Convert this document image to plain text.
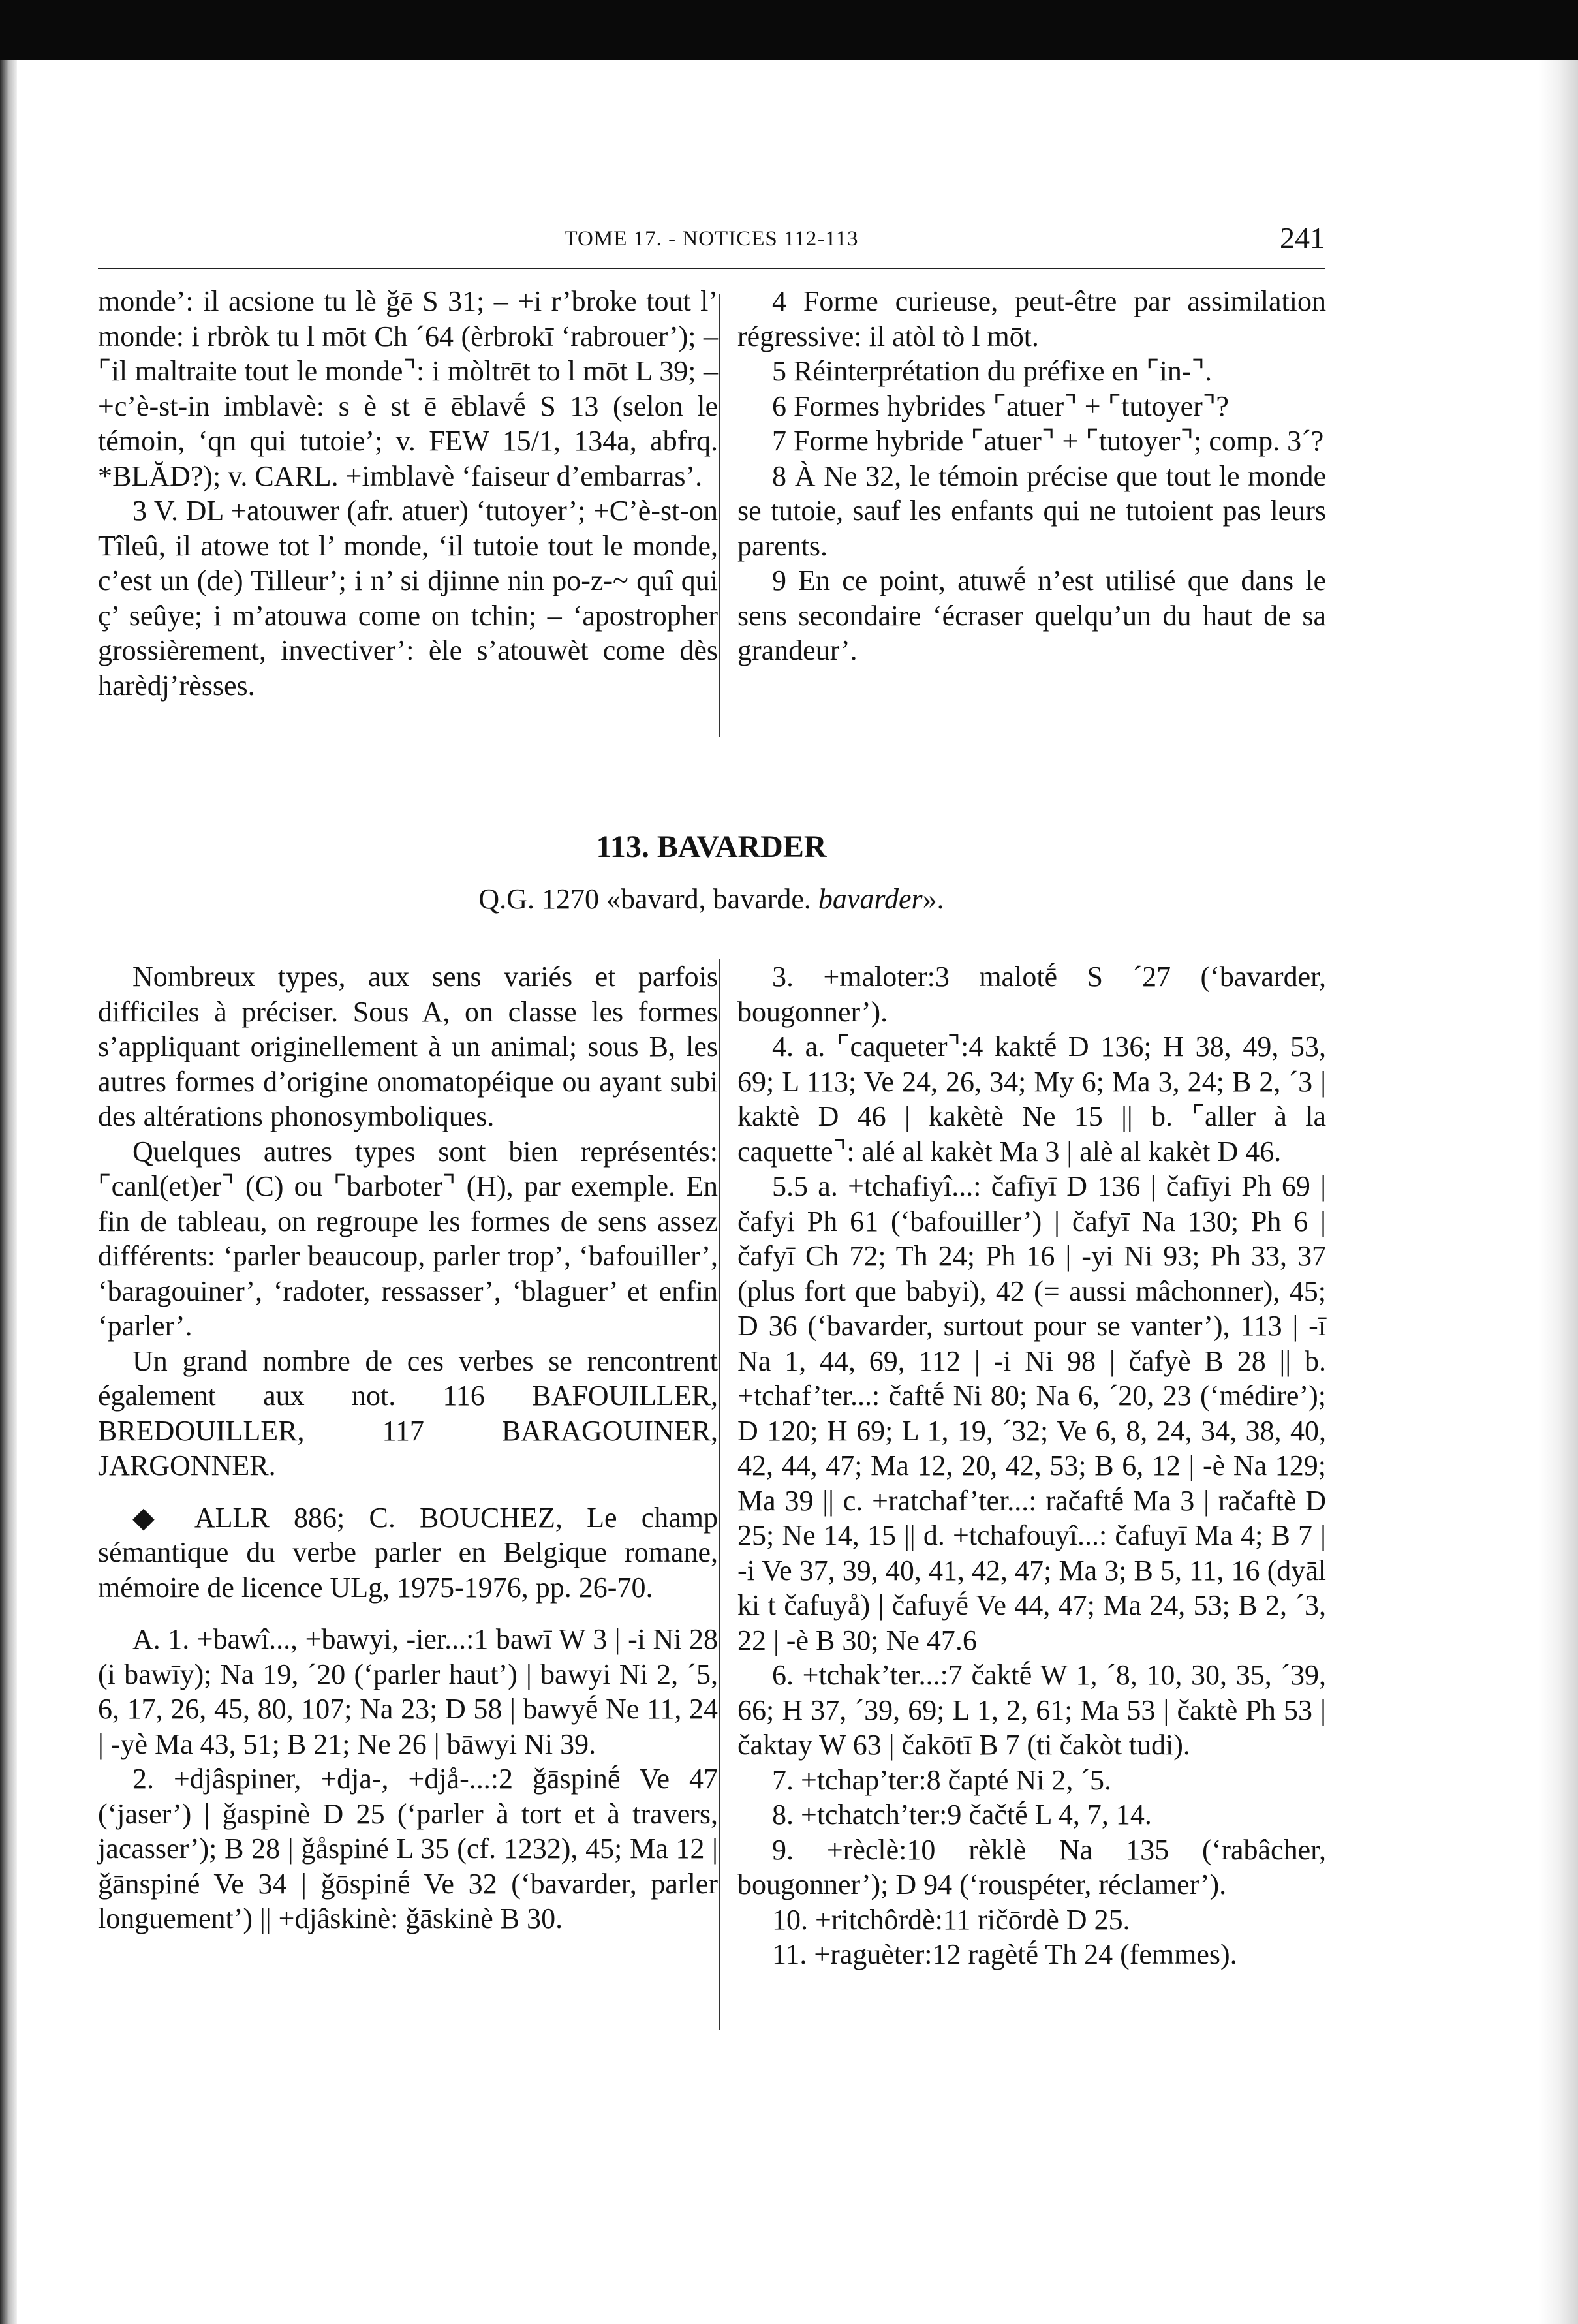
TOME 17. - NOTICES 112-113	241

monde’: il acsione tu lè ǧē S 31; – +i r’broke tout l’ monde: i rbròk tu l mōt Ch ´64 (èrbrokī ‘rabrouer’); – ⌜il maltraite tout le monde⌝: i mòltrēt to l mōt L 39; – +c’è-st-in imblavè: s è st ē ēblavḗ S 13 (selon le témoin, ‘qn qui tutoie’; v. FEW 15/1, 134a, abfrq. *BLĂD?); v. CARL. +imblavè ‘faiseur d’embarras’.

3 V. DL +atouwer (afr. atuer) ‘tutoyer’; +C’è-st-on Tîleû, il atowe tot l’ monde, ‘il tutoie tout le monde, c’est un (de) Tilleur’; i n’ si djinne nin po-z-~ quî qui ç’ seûye; i m’atouwa come on tchin; – ‘apostropher grossièrement, invectiver’: èle s’atouwèt come dès harèdj’rèsses.

4 Forme curieuse, peut-être par assimilation régressive: il atòl tò l mōt.

5 Réinterprétation du préfixe en ⌜in-⌝.

6 Formes hybrides ⌜atuer⌝ + ⌜tutoyer⌝?

7 Forme hybride ⌜atuer⌝ + ⌜tutoyer⌝; comp. 3´?

8 À Ne 32, le témoin précise que tout le monde se tutoie, sauf les enfants qui ne tutoient pas leurs parents.

9 En ce point, atuwḗ n’est utilisé que dans le sens secondaire ‘écraser quelqu’un du haut de sa grandeur’.

113. BAVARDER
Q.G. 1270 «bavard, bavarde. bavarder».

Nombreux types, aux sens variés et parfois difficiles à préciser. Sous A, on classe les formes s’appliquant originellement à un animal; sous B, les autres formes d’origine onomatopéique ou ayant subi des altérations phonosymboliques.

Quelques autres types sont bien représentés: ⌜canl(et)er⌝ (C) ou ⌜barboter⌝ (H), par exemple. En fin de tableau, on regroupe les formes de sens assez différents: ‘parler beaucoup, parler trop’, ‘bafouiller’, ‘baragouiner’, ‘radoter, ressasser’, ‘blaguer’ et enfin ‘parler’.

Un grand nombre de ces verbes se rencontrent également aux not. 116 BAFOUILLER, BREDOUILLER, 117 BARAGOUINER, JARGONNER.

◆ ALLR 886; C. BOUCHEZ, Le champ sémantique du verbe parler en Belgique romane, mémoire de licence ULg, 1975-1976, pp. 26-70.

A. 1. +bawî..., +bawyi, -ier...:1 bawī W 3 | -i Ni 28 (i bawīy); Na 19, ´20 (‘parler haut’) | bawyi Ni 2, ´5, 6, 17, 26, 45, 80, 107; Na 23; D 58 | bawyḗ Ne 11, 24 | -yè Ma 43, 51; B 21; Ne 26 | bāwyi Ni 39.

2. +djâspiner, +dja-, +djå-...:2 ǧāspinḗ Ve 47 (‘jaser’) | ǧaspinè D 25 (‘parler à tort et à travers, jacasser’); B 28 | ǧåspiné L 35 (cf. 1232), 45; Ma 12 | ǧānspiné Ve 34 | ǧōspinḗ Ve 32 (‘bavarder, parler longuement’) || +djâskinè: ǧāskinè B 30.

3. +maloter:3 malotḗ S ´27 (‘bavarder, bougonner’).

4. a. ⌜caqueter⌝:4 kaktḗ D 136; H 38, 49, 53, 69; L 113; Ve 24, 26, 34; My 6; Ma 3, 24; B 2, ´3 | kaktè D 46 | kakètè Ne 15 || b. ⌜aller à la caquette⌝: alé al kakèt Ma 3 | alè al kakèt D 46.

5.5 a. +tchafiyî...: čafīyī D 136 | čafīyi Ph 69 | čafyi Ph 61 (‘bafouiller’) | čafyī Na 130; Ph 6 | čafyī Ch 72; Th 24; Ph 16 | -yi Ni 93; Ph 33, 37 (plus fort que babyi), 42 (= aussi mâchonner), 45; D 36 (‘bavarder, surtout pour se vanter’), 113 | -ī Na 1, 44, 69, 112 | -i Ni 98 | čafyè B 28 || b. +tchaf’ter...: čaftḗ Ni 80; Na 6, ´20, 23 (‘médire’); D 120; H 69; L 1, 19, ´32; Ve 6, 8, 24, 34, 38, 40, 42, 44, 47; Ma 12, 20, 42, 53; B 6, 12 | -è Na 129; Ma 39 || c. +ratchaf’ter...: račaftḗ Ma 3 | račaftè D 25; Ne 14, 15 || d. +tchafouyî...: čafuyī Ma 4; B 7 | -i Ve 37, 39, 40, 41, 42, 47; Ma 3; B 5, 11, 16 (dyāl ki t čafuyå) | čafuyḗ Ve 44, 47; Ma 24, 53; B 2, ´3, 22 | -è B 30; Ne 47.6

6. +tchak’ter...:7 čaktḗ W 1, ´8, 10, 30, 35, ´39, 66; H 37, ´39, 69; L 1, 2, 61; Ma 53 | čaktè Ph 53 | čaktay W 63 | čakōtī B 7 (ti čakòt tudi).

7. +tchap’ter:8 čapté Ni 2, ´5.

8. +tchatch’ter:9 čačtḗ L 4, 7, 14.

9. +rèclè:10 rèklè Na 135 (‘rabâcher, bougonner’); D 94 (‘rouspéter, réclamer’).

10. +ritchôrdè:11 ričōrdè D 25.

11. +raguèter:12 ragètḗ Th 24 (femmes).
